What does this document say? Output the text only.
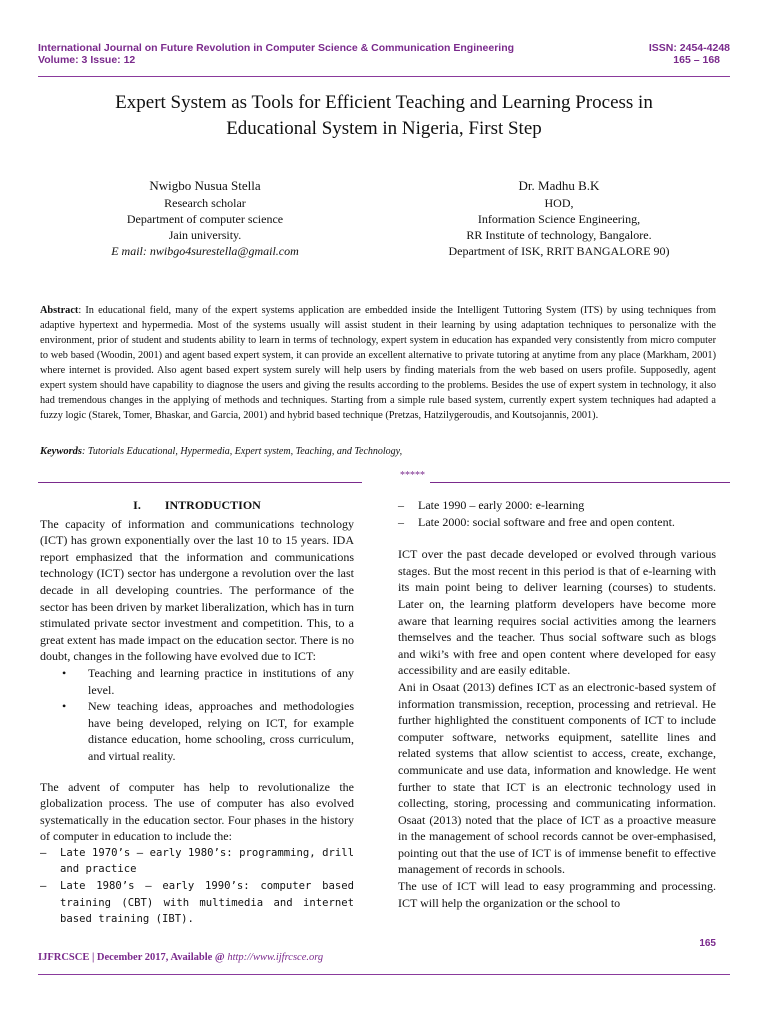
International Journal on Future Revolution in Computer Science & Communication Engineering	ISSN: 2454-4248
Volume: 3 Issue: 12	165 – 168
Expert System as Tools for Efficient Teaching and Learning Process in
Educational System in Nigeria, First Step
Nwigbo Nusua Stella
Research scholar
Department of computer science
Jain university.
E mail: nwibgo4surestella@gmail.com
Dr. Madhu B.K
HOD,
Information Science Engineering,
RR Institute of technology, Bangalore.
Department of ISK, RRIT BANGALORE 90)
Abstract: In educational field, many of the expert systems application are embedded inside the Intelligent Tuttoring System (ITS) by using techniques from adaptive hypertext and hypermedia. Most of the systems usually will assist student in their learning by using adaptation techniques to personalize with the environment, prior of student and students ability to learn in terms of technology, expert system in education has expanded very consistently from micro computer to web based (Woodin, 2001) and agent based expert system, it can provide an excellent alternative to private tutoring at anytime from any place (Markham, 2001) where internet is provided. Also agent based expert system surely will help users by finding materials from the web based on users profile. Supposedly, agent expert system should have capability to diagnose the users and giving the results according to the problems. Besides the use of expert system in technology, it also had tremendous changes in the applying of methods and techniques. Starting from a simple rule based system, currently expert system techniques had adapted a fuzzy logic (Starek, Tomer, Bhaskar, and Garcia, 2001) and hybrid based technique (Pretzas, Hatzilygeroudis, and Koutsojannis, 2001).
Keywords: Tutorials Educational, Hypermedia, Expert system, Teaching, and Technology,
*****
I.        INTRODUCTION

The capacity of information and communications technology (ICT) has grown exponentially over the last 10 to 15 years. IDA report emphasized that the information and communications technology (ICT) sector has undergone a revolution over the last decade in all developing countries. The performance of the sector has been driven by market liberalization, which has in turn stimulated private sector investment and competition. This, to a great extent has made impact on the education sector. There is no doubt, changes in the following have evolved due to ICT:

• Teaching and learning practice in institutions of any level.
• New teaching ideas, approaches and methodologies have being developed, relying on ICT, for example distance education, home schooling, cross curriculum, and virtual reality.

The advent of computer has help to revolutionalize the globalization process. The use of computer has also evolved systematically in the education sector. Four phases in the history of computer in education to include the:

– Late 1970’s – early 1980’s: programming, drill and practice
– Late 1980’s – early 1990’s: computer based training (CBT) with multimedia and internet based training (IBT).
– Late 1990 – early 2000: e-learning
– Late 2000: social software and free and open content.

ICT over the past decade developed or evolved through various stages. But the most recent in this period is that of e-learning with its main point being to deliver learning (courses) to students. Later on, the learning platform developers have become more aware that learning requires social activities among the learners themselves and the teacher. Thus social software such as blogs and wiki’s with free and open content where developed for easy accessibility and are easily editable.

Ani in Osaat (2013) defines ICT as an electronic-based system of information transmission, reception, processing and retrieval. He further highlighted the constituent components of ICT to include computer software, networks equipment, satellite lines and related systems that allow scientist to access, create, exchange, communicate and use data, information and knowledge. He went further to state that ICT is an electronic technology used in collecting, storing, processing and communicating information. Osaat (2013) noted that the place of ICT as a proactive measure in the management of school records cannot be over-emphasised, pointing out that the use of ICT is of immense benefit to effective management of records in schools.

The use of ICT will lead to easy programming and processing. ICT will help the organization or the school to

165
IJFRCSCE | December 2017, Available @ http://www.ijfrcsce.org
